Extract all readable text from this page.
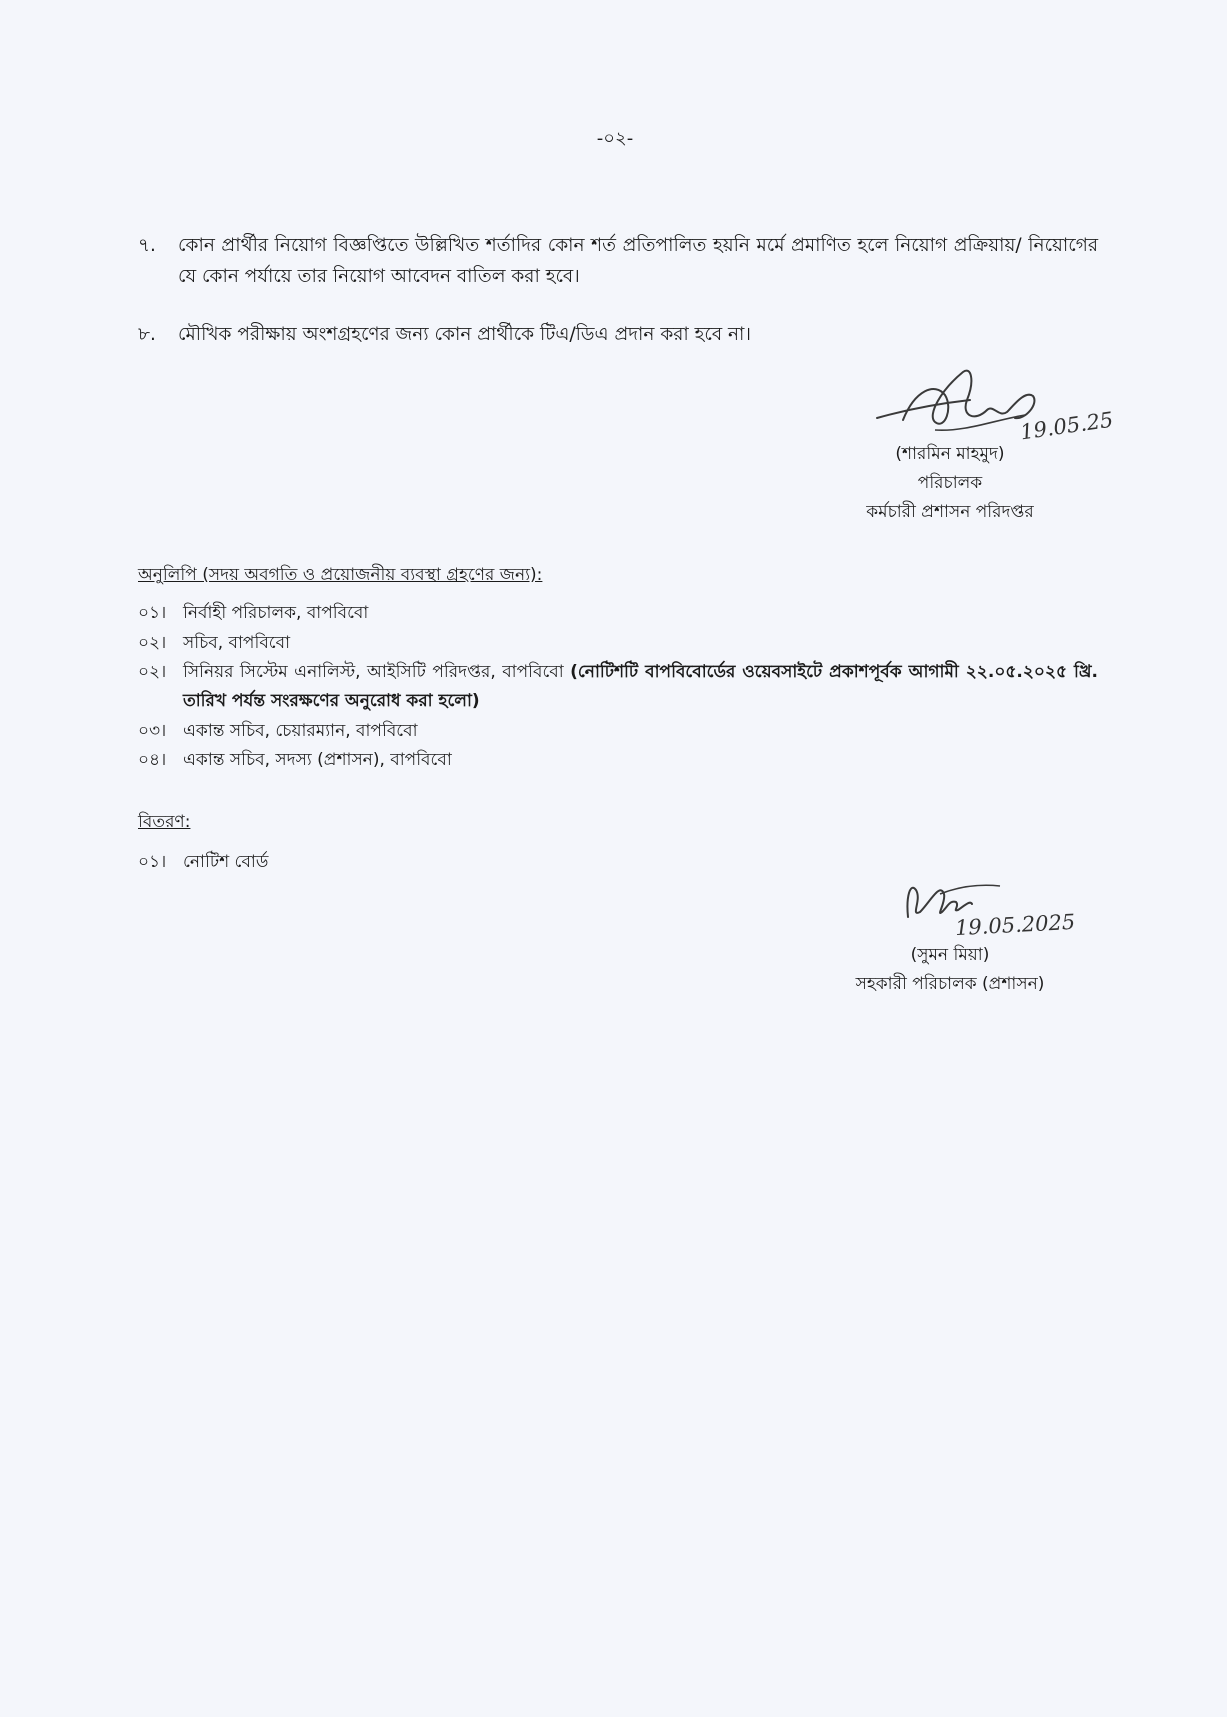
-০২-
৭. কোন প্রার্থীর নিয়োগ বিজ্ঞপ্তিতে উল্লিখিত শর্তাদির কোন শর্ত প্রতিপালিত হয়নি মর্মে প্রমাণিত হলে নিয়োগ প্রক্রিয়ায়/ নিয়োগের যে কোন পর্যায়ে তার নিয়োগ আবেদন বাতিল করা হবে।
৮. মৌখিক পরীক্ষায় অংশগ্রহণের জন্য কোন প্রার্থীকে টিএ/ডিএ প্রদান করা হবে না।
19.05.25
(শারমিন মাহমুদ)
পরিচালক
কর্মচারী প্রশাসন পরিদপ্তর
অনুলিপি (সদয় অবগতি ও প্রয়োজনীয় ব্যবস্থা গ্রহণের জন্য):
০১। নির্বাহী পরিচালক, বাপবিবো
০২। সচিব, বাপবিবো
০২। সিনিয়র সিস্টেম এনালিস্ট, আইসিটি পরিদপ্তর, বাপবিবো (নোটিশটি বাপবিবোর্ডের ওয়েবসাইটে প্রকাশপূর্বক আগামী ২২.০৫.২০২৫ খ্রি. তারিখ পর্যন্ত সংরক্ষণের অনুরোধ করা হলো)
০৩। একান্ত সচিব, চেয়ারম্যান, বাপবিবো
০৪। একান্ত সচিব, সদস্য (প্রশাসন), বাপবিবো
বিতরণ:
০১। নোটিশ বোর্ড
19.05.2025
(সুমন মিয়া)
সহকারী পরিচালক (প্রশাসন)
